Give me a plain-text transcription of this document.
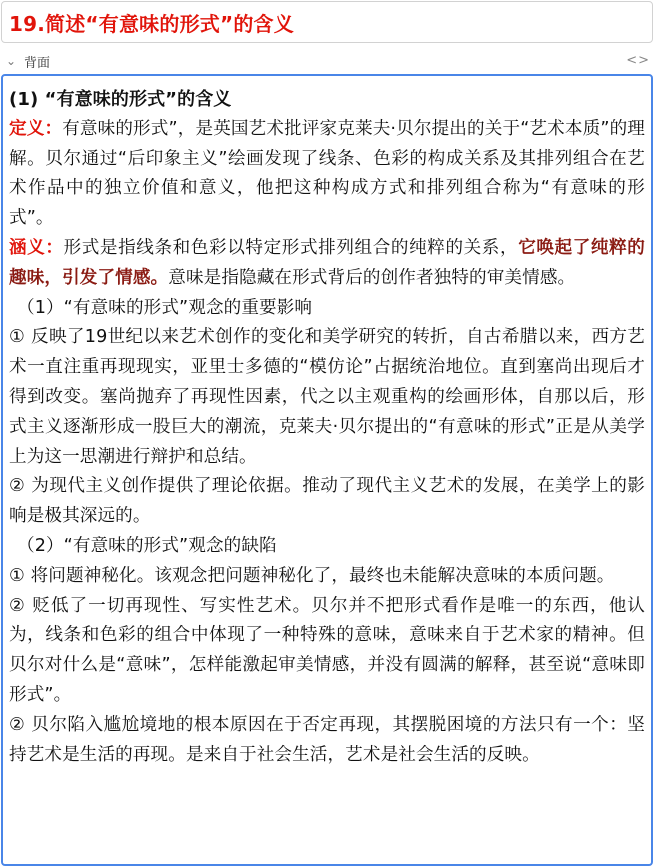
19.简述“有意味的形式”的含义
⌄ 背面	<>

(1) “有意味的形式”的含义

定义：有意味的形式”，是英国艺术批评家克莱夫·贝尔提出的关于“艺术本质”的理解。贝尔通过“后印象主义”绘画发现了线条、色彩的构成关系及其排列组合在艺术作品中的独立价值和意义，他把这种构成方式和排列组合称为“有意味的形式”。

涵义：形式是指线条和色彩以特定形式排列组合的纯粹的关系，它唤起了纯粹的趣味，引发了情感。意味是指隐藏在形式背后的创作者独特的审美情感。

（1）“有意味的形式”观念的重要影响

① 反映了19世纪以来艺术创作的变化和美学研究的转折，自古希腊以来，西方艺术一直注重再现现实，亚里士多德的“模仿论”占据统治地位。直到塞尚出现后才得到改变。塞尚抛弃了再现性因素，代之以主观重构的绘画形体，自那以后，形式主义逐渐形成一股巨大的潮流，克莱夫·贝尔提出的“有意味的形式”正是从美学上为这一思潮进行辩护和总结。

② 为现代主义创作提供了理论依据。推动了现代主义艺术的发展，在美学上的影响是极其深远的。

（2）“有意味的形式”观念的缺陷

① 将问题神秘化。该观念把问题神秘化了，最终也未能解决意味的本质问题。

② 贬低了一切再现性、写实性艺术。贝尔并不把形式看作是唯一的东西，他认为，线条和色彩的组合中体现了一种特殊的意味，意味来自于艺术家的精神。但贝尔对什么是“意味”，怎样能激起审美情感，并没有圆满的解释，甚至说“意味即形式”。

② 贝尔陷入尴尬境地的根本原因在于否定再现，其摆脱困境的方法只有一个：坚持艺术是生活的再现。是来自于社会生活，艺术是社会生活的反映。
